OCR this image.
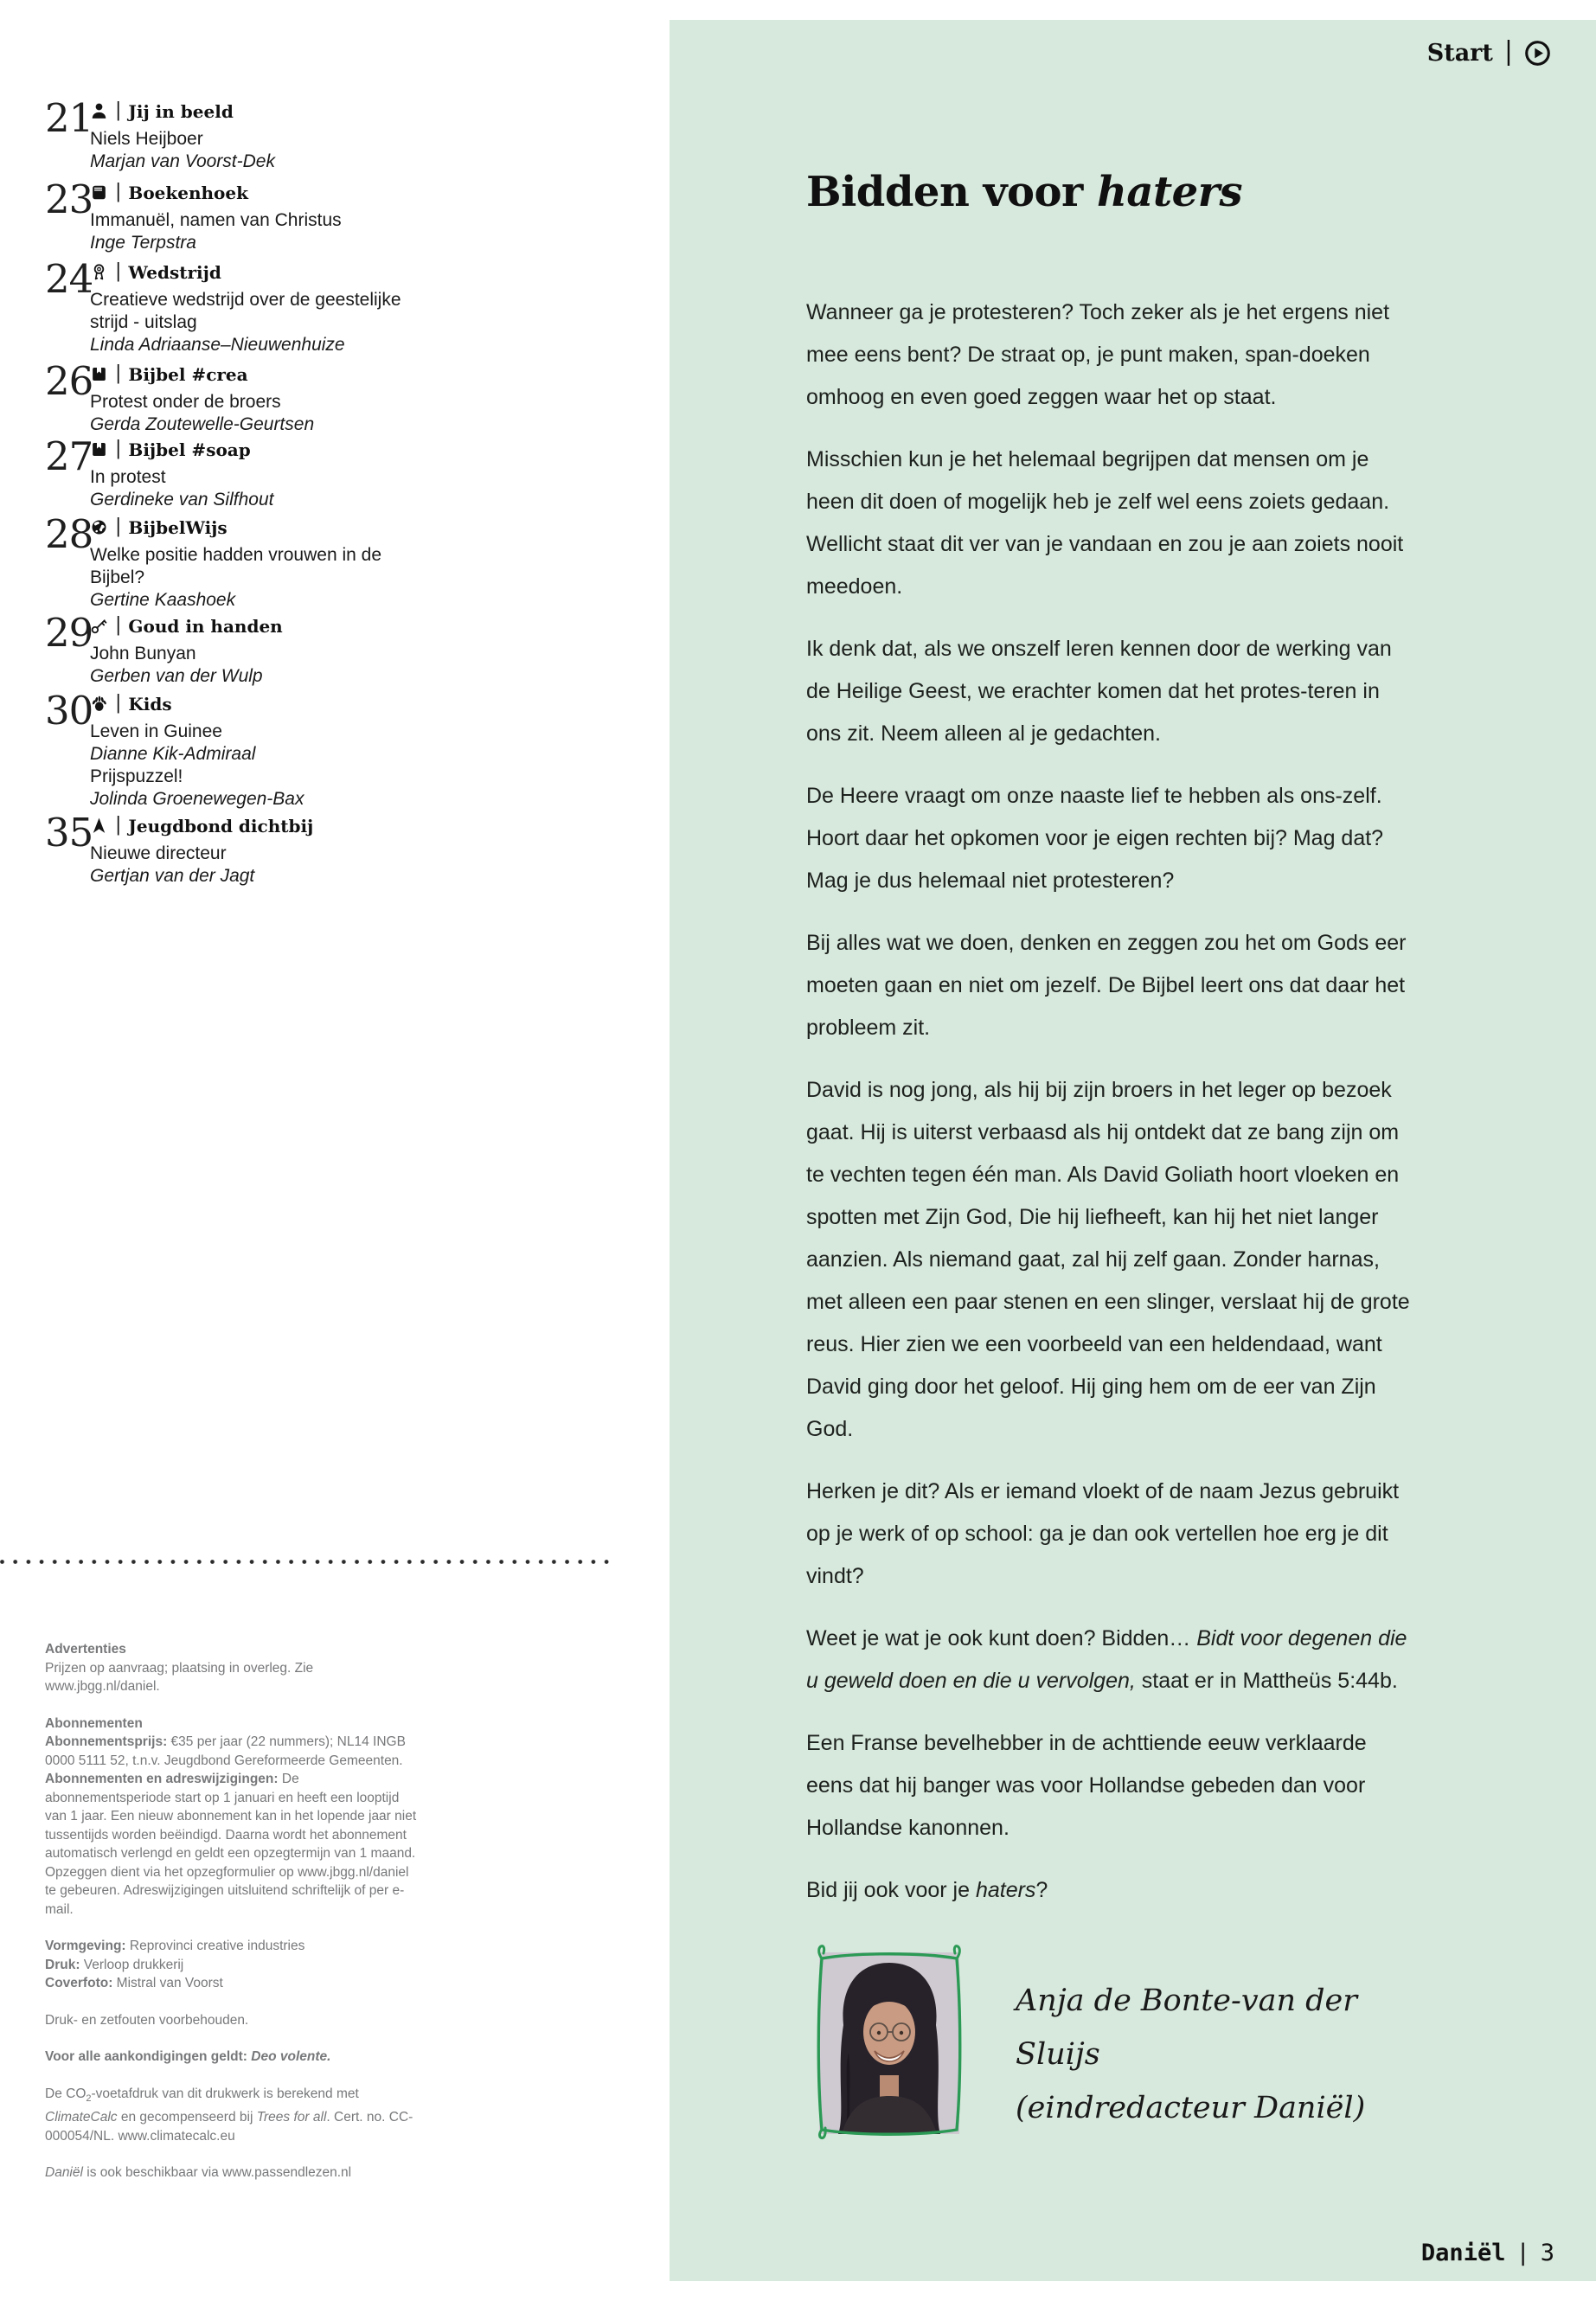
Start |
21 | Jij in beeld
Niels Heijboer
Marjan van Voorst-Dek
23 | Boekenhoek
Immanuël, namen van Christus
Inge Terpstra
24 | Wedstrijd
Creatieve wedstrijd over de geestelijke
strijd - uitslag
Linda Adriaanse–Nieuwenhuize
26 | Bijbel #crea
Protest onder de broers
Gerda Zoutewelle-Geurtsen
27 | Bijbel #soap
In protest
Gerdineke van Silfhout
28 | BijbelWijs
Welke positie hadden vrouwen in de
Bijbel?
Gertine Kaashoek
29 | Goud in handen
John Bunyan
Gerben van der Wulp
30 | Kids
Leven in Guinee
Dianne Kik-Admiraal
Prijspuzzel!
Jolinda Groenewegen-Bax
35 | Jeugdbond dichtbij
Nieuwe directeur
Gertjan van der Jagt

Advertenties

Prijzen op aanvraag; plaatsing in overleg. Zie www.jbgg.nl/daniel.

Abonnementen

Abonnementsprijs: €35 per jaar (22 nummers); NL14 INGB 0000 5111 52, t.n.v. Jeugdbond Gereformeerde Gemeenten.

Abonnementen en adreswijzigingen: De abonnementsperiode start op 1 januari en heeft een looptijd van 1 jaar. Een nieuw abonnement kan in het lopende jaar niet tussentijds worden beëindigd. Daarna wordt het abonnement automatisch verlengd en geldt een opzegtermijn van 1 maand. Opzeggen dient via het opzegformulier op www.jbgg.nl/daniel te gebeuren. Adreswijzigingen uitsluitend schriftelijk of per e-mail.

Vormgeving: Reprovinci creative industries

Druk: Verloop drukkerij

Coverfoto: Mistral van Voorst

Druk- en zetfouten voorbehouden.

Voor alle aankondigingen geldt: Deo volente.

De $CO_2$-voetafdruk van dit drukwerk is berekend met ClimateCalc en gecompenseerd bij Trees for all. Cert. no. CC-000054/NL. www.climatecalc.eu

Daniël is ook beschikbaar via www.passendlezen.nl

Bidden voor haters

Wanneer ga je protesteren? Toch zeker als je het ergens niet mee eens bent? De straat op, je punt maken, span-doeken omhoog en even goed zeggen waar het op staat.

Misschien kun je het helemaal begrijpen dat mensen om je heen dit doen of mogelijk heb je zelf wel eens zoiets gedaan. Wellicht staat dit ver van je vandaan en zou je aan zoiets nooit meedoen.

Ik denk dat, als we onszelf leren kennen door de werking van de Heilige Geest, we erachter komen dat het protes-teren in ons zit. Neem alleen al je gedachten.

De Heere vraagt om onze naaste lief te hebben als ons-zelf. Hoort daar het opkomen voor je eigen rechten bij? Mag dat? Mag je dus helemaal niet protesteren?

Bij alles wat we doen, denken en zeggen zou het om Gods eer moeten gaan en niet om jezelf. De Bijbel leert ons dat daar het probleem zit.

David is nog jong, als hij bij zijn broers in het leger op bezoek gaat. Hij is uiterst verbaasd als hij ontdekt dat ze bang zijn om te vechten tegen één man. Als David Goliath hoort vloeken en spotten met Zijn God, Die hij liefheeft, kan hij het niet langer aanzien. Als niemand gaat, zal hij zelf gaan. Zonder harnas, met alleen een paar stenen en een slinger, verslaat hij de grote reus. Hier zien we een voorbeeld van een heldendaad, want David ging door het geloof. Hij ging hem om de eer van Zijn God.

Herken je dit? Als er iemand vloekt of de naam Jezus gebruikt op je werk of op school: ga je dan ook vertellen hoe erg je dit vindt?

Weet je wat je ook kunt doen? Bidden… Bidt voor degenen die u geweld doen en die u vervolgen, staat er in Mattheüs 5:44b.

Een Franse bevelhebber in de achttiende eeuw verklaarde eens dat hij banger was voor Hollandse gebeden dan voor Hollandse kanonnen.

Bid jij ook voor je haters?

Anja de Bonte-van der Sluijs
(eindredacteur Daniël)
Daniël | 3
